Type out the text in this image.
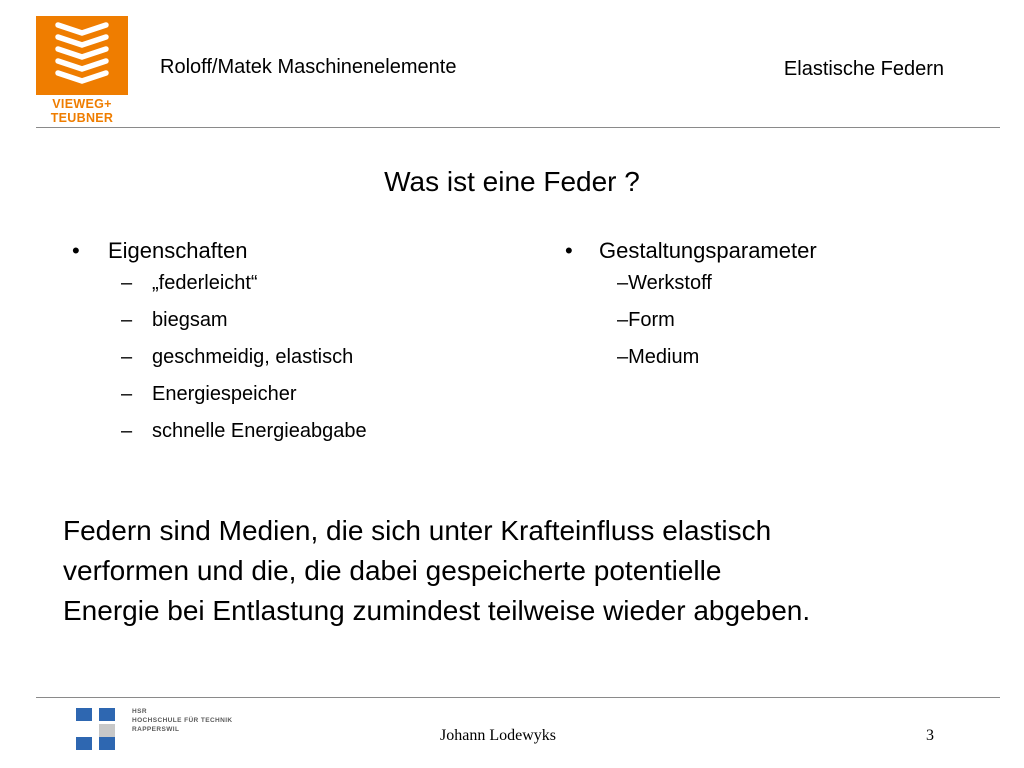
VIEWEG+
TEUBNER
Roloff/Matek Maschinenelemente	Elastische Federn
Was ist eine Feder ?
•	Eigenschaften
– „federleicht“
– biegsam
– geschmeidig, elastisch
– Energiespeicher
– schnelle Energieabgabe
•	Gestaltungsparameter
–Werkstoff
–Form
–Medium
Federn sind Medien, die sich unter Krafteinfluss elastisch
verformen und die, die dabei gespeicherte potentielle
Energie bei Entlastung zumindest teilweise wieder abgeben.
HSR
HOCHSCHULE FÜR TECHNIK
RAPPERSWIL	Johann Lodewyks	3
